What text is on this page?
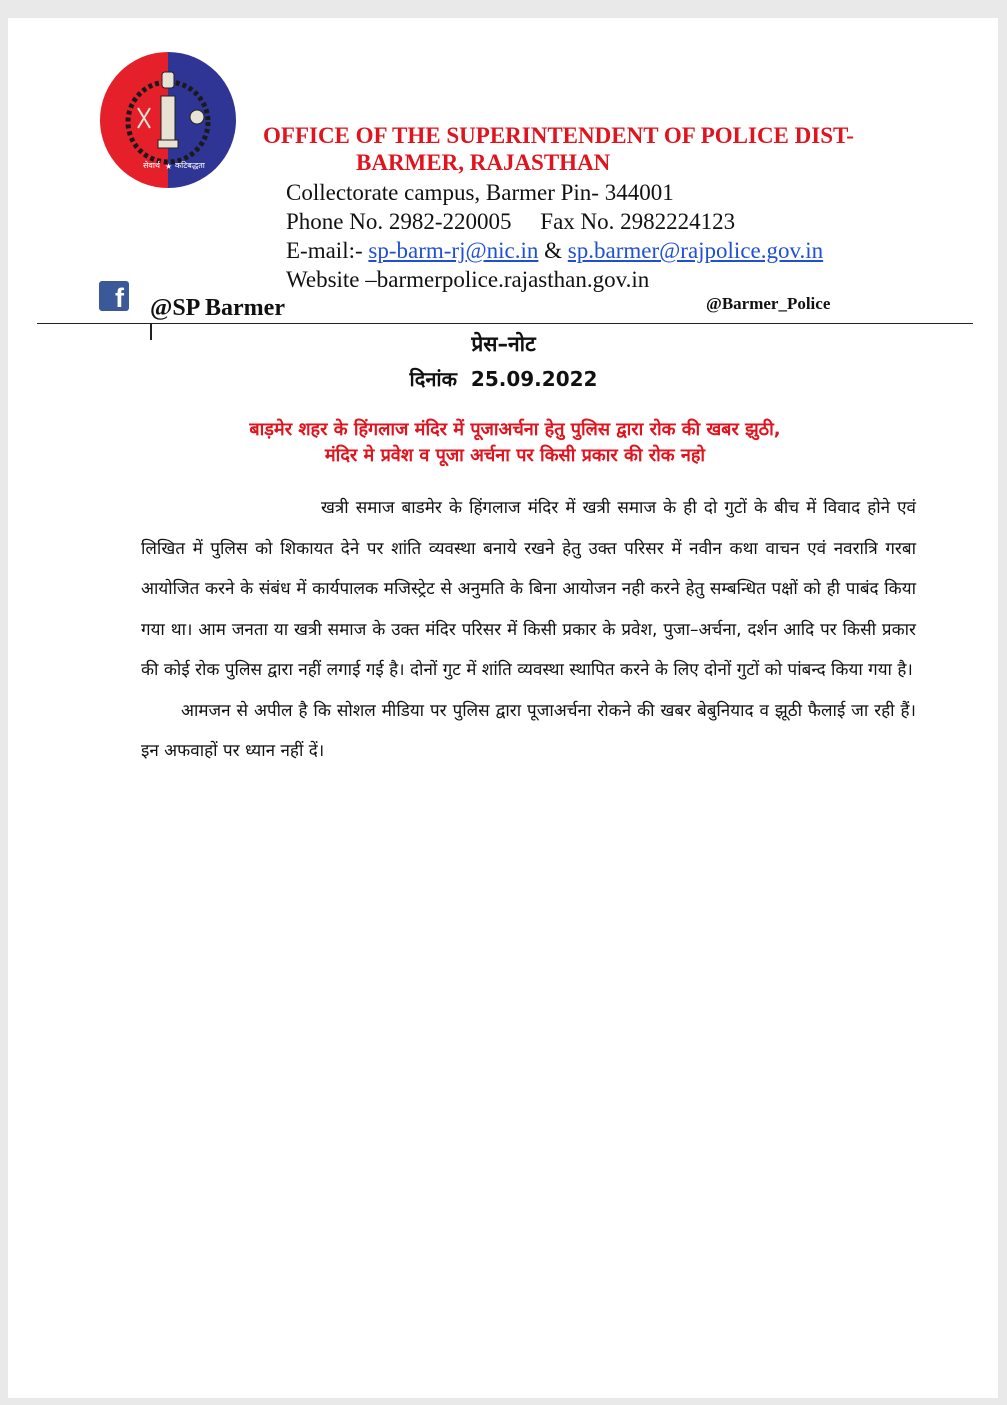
सेवार्थ कटिबद्धता
★
OFFICE OF THE SUPERINTENDENT OF POLICE DIST-
BARMER, RAJASTHAN
Collectorate campus, Barmer Pin- 344001
Phone No. 2982-220005 Fax No. 2982224123
E-mail:- sp-barm-rj@nic.in & sp.barmer@rajpolice.gov.in
Website –barmerpolice.rajasthan.gov.in
f @SP Barmer	@Barmer_Police
प्रेस–नोट
दिनांक 25.09.2022
बाड़मेर शहर के हिंगलाज मंदिर में पूजाअर्चना हेतु पुलिस द्वारा रोक की खबर झुठी,
मंदिर मे प्रवेश व पूजा अर्चना पर किसी प्रकार की रोक नहो

खत्री समाज बाडमेर के हिंगलाज मंदिर में खत्री समाज के ही दो गुटों के बीच में विवाद होने एवं लिखित में पुलिस को शिकायत देने पर शांति व्यवस्था बनाये रखने हेतु उक्त परिसर में नवीन कथा वाचन एवं नवरात्रि गरबा आयोजित करने के संबंध में कार्यपालक मजिस्ट्रेट से अनुमति के बिना आयोजन नही करने हेतु सम्बन्धित पक्षों को ही पाबंद किया गया था। आम जनता या खत्री समाज के उक्त मंदिर परिसर में किसी प्रकार के प्रवेश, पुजा–अर्चना, दर्शन आदि पर किसी प्रकार की कोई रोक पुलिस द्वारा नहीं लगाई गई है। दोनों गुट में शांति व्यवस्था स्थापित करने के लिए दोनों गुटों को पांबन्द किया गया है।

आमजन से अपील है कि सोशल मीडिया पर पुलिस द्वारा पूजाअर्चना रोकने की खबर बेबुनियाद व झूठी फैलाई जा रही हैं। इन अफवाहों पर ध्यान नहीं दें।
